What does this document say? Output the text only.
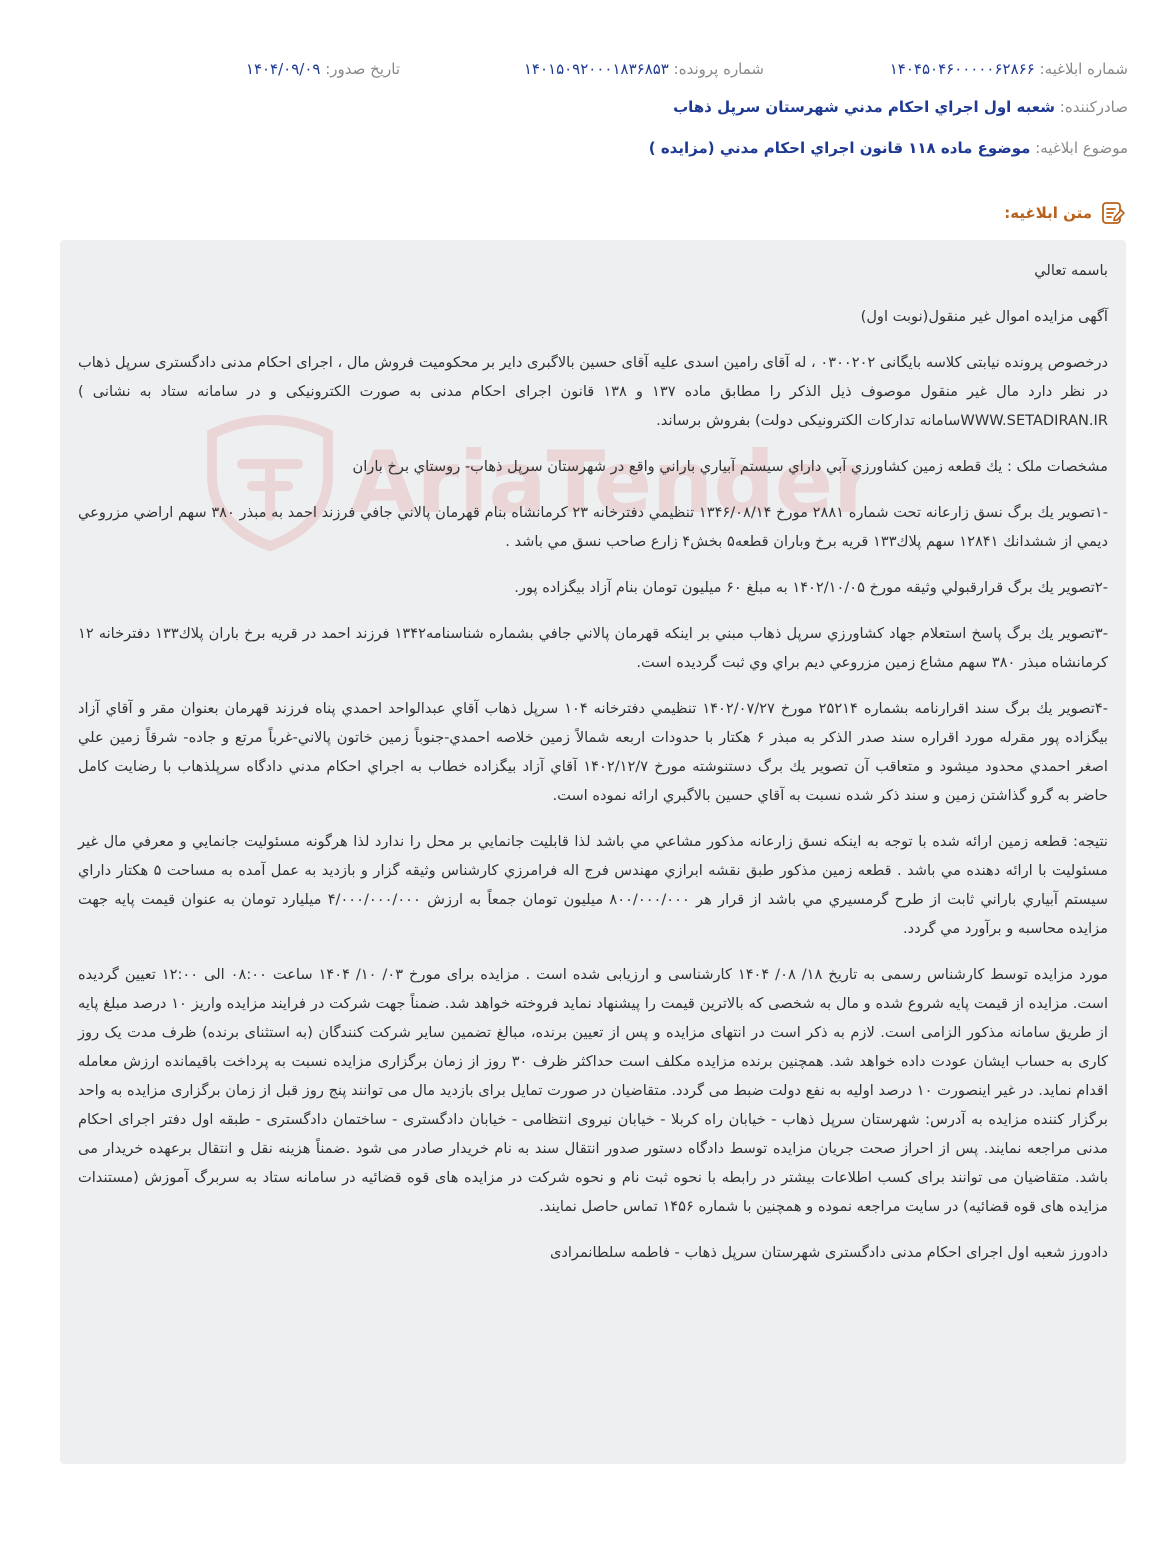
شماره ابلاغيه: ۱۴۰۴۵۰۴۶۰۰۰۰۰۶۲۸۶۶
شماره پرونده: ۱۴۰۱۵۰۹۲۰۰۰۱۸۳۶۸۵۳
تاريخ صدور: ۱۴۰۴/۰۹/۰۹
صادرکننده: شعبه اول اجراي احكام مدني شهرستان سرپل ذهاب
موضوع ابلاغيه: موضوع ماده ۱۱۸ قانون اجراي احکام مدني (مزايده )
متن ابلاغیه:
AriaTender

باسمه تعالي

آگهی مزایده اموال غیر منقول(نوبت اول)

درخصوص پرونده نیابتی کلاسه بایگانی ۰۳۰۰۲۰۲ ، له آقای رامین اسدی علیه آقای حسین بالاگبری دایر بر محکومیت فروش مال ، اجرای احکام مدنی دادگستری سرپل ذهاب در نظر دارد مال غیر منقول موصوف ذیل الذکر را مطابق ماده ۱۳۷ و ۱۳۸ قانون اجرای احکام مدنی به صورت الکترونیکی و در سامانه ستاد به نشانی ) WWW.SETADIRAN.IRسامانه تدارکات الکترونیکی دولت) بفروش برساند.

مشخصات ملک : يك قطعه زمين كشاورزي آبي داراي سيستم آبياري باراني واقع در شهرستان سرپل ذهاب- روستاي برخ باران

-۱تصوير يك برگ نسق زارعانه تحت شماره ۲۸۸۱ مورخ ۱۳۴۶/۰۸/۱۴ تنظيمي دفترخانه ۲۳ كرمانشاه بنام قهرمان پالاني جافي فرزند احمد به مبذر ۳۸۰ سهم اراضي مزروعي ديمي از ششدانك ۱۲۸۴۱ سهم پلاك۱۳۳ قريه برخ وباران قطعه۵ بخش۴ زارع صاحب نسق مي باشد .

-۲تصوير يك برگ قرارقبولي وثيقه مورخ ۱۴۰۲/۱۰/۰۵ به مبلغ ۶۰ ميليون تومان بنام آزاد بيگزاده پور.

-۳تصوير يك برگ پاسخ استعلام جهاد كشاورزي سرپل ذهاب مبني بر اينكه قهرمان پالاني جافي بشماره شناسنامه۱۳۴۲ فرزند احمد در قريه برخ باران پلاك۱۳۳ دفترخانه ۱۲ كرمانشاه مبذر ۳۸۰ سهم مشاع زمين مزروعي ديم براي وي ثبت گرديده است.

-۴تصوير يك برگ سند اقرارنامه بشماره ۲۵۲۱۴ مورخ ۱۴۰۲/۰۷/۲۷ تنظيمي دفترخانه ۱۰۴ سرپل ذهاب آقاي عبدالواحد احمدي پناه فرزند قهرمان بعنوان مقر و آقاي آزاد بيگزاده پور مقرله مورد اقراره سند صدر الذكر به مبذر ۶ هكتار با حدودات اربعه شمالاً زمين خلاصه احمدي-جنوباً زمين خاتون پالاني-غرباً مرتع و جاده- شرقاً زمين علي اصغر احمدي محدود ميشود و متعاقب آن تصوير يك برگ دستنوشته مورخ ۱۴۰۲/۱۲/۷ آقاي آزاد بيگزاده خطاب به اجراي احكام مدني دادگاه سرپلذهاب با رضايت كامل حاضر به گرو گذاشتن زمين و سند ذكر شده نسبت به آقاي حسين بالاگبري ارائه نموده است.

نتيجه: قطعه زمين ارائه شده با توجه به اينكه نسق زارعانه مذكور مشاعي مي باشد لذا قابليت جانمايي بر محل را ندارد لذا هرگونه مسئوليت جانمايي و معرفي مال غير مسئوليت با ارائه دهنده مي باشد . قطعه زمين مذكور طبق نقشه ابرازي مهندس فرج اله فرامرزي كارشناس وثيقه گزار و بازديد به عمل آمده به مساحت ۵ هكتار داراي سيستم آبياري باراني ثابت از طرح گرمسيري مي باشد از قرار هر ۸۰۰/۰۰۰/۰۰۰ ميليون تومان جمعاً به ارزش ۴/۰۰۰/۰۰۰/۰۰۰ ميليارد تومان به عنوان قيمت پايه جهت مزايده محاسبه و برآورد مي گردد.

مورد مزایده توسط کارشناس رسمی به تاریخ ۱۸/ ۰۸/ ۱۴۰۴ کارشناسی و ارزیابی شده است . مزایده برای مورخ ۰۳/ ۱۰/ ۱۴۰۴ ساعت ۰۸:۰۰ الی ۱۲:۰۰ تعیین گردیده است. مزایده از قیمت پایه شروع شده و مال به شخصی که بالاترین قیمت را پیشنهاد نماید فروخته خواهد شد. ضمناً جهت شرکت در فرایند مزایده واریز ۱۰ درصد مبلغ پایه از طریق سامانه مذکور الزامی است. لازم به ذکر است در انتهای مزایده و پس از تعیین برنده، مبالغ تضمین سایر شرکت کنندگان (به استثنای برنده) ظرف مدت یک روز کاری به حساب ایشان عودت داده خواهد شد. همچنین برنده مزایده مکلف است حداکثر ظرف ۳۰ روز از زمان برگزاری مزایده نسبت به پرداخت باقیمانده ارزش معامله اقدام نماید. در غیر اینصورت ۱۰ درصد اولیه به نفع دولت ضبط می گردد. متقاضیان در صورت تمایل برای بازدید مال می توانند پنج روز قبل از زمان برگزاری مزایده به واحد برگزار کننده مزایده به آدرس: شهرستان سرپل ذهاب - خیابان راه کربلا - خیابان نیروی انتظامی - خیابان دادگستری - ساختمان دادگستری - طبقه اول دفتر اجرای احکام مدنی مراجعه نمایند. پس از احراز صحت جریان مزایده توسط دادگاه دستور صدور انتقال سند به نام خریدار صادر می شود .ضمناً هزینه نقل و انتقال برعهده خریدار می باشد. متقاضیان می توانند برای کسب اطلاعات بیشتر در رابطه با نحوه ثبت نام و نحوه شرکت در مزایده های قوه قضائیه در سامانه ستاد به سربرگ آموزش (مستندات مزایده های قوه قضائیه) در سایت مراجعه نموده و همچنین با شماره ۱۴۵۶ تماس حاصل نمایند.

دادورز شعبه اول اجرای احکام مدنی دادگستری شهرستان سرپل ذهاب - فاطمه سلطانمرادی
